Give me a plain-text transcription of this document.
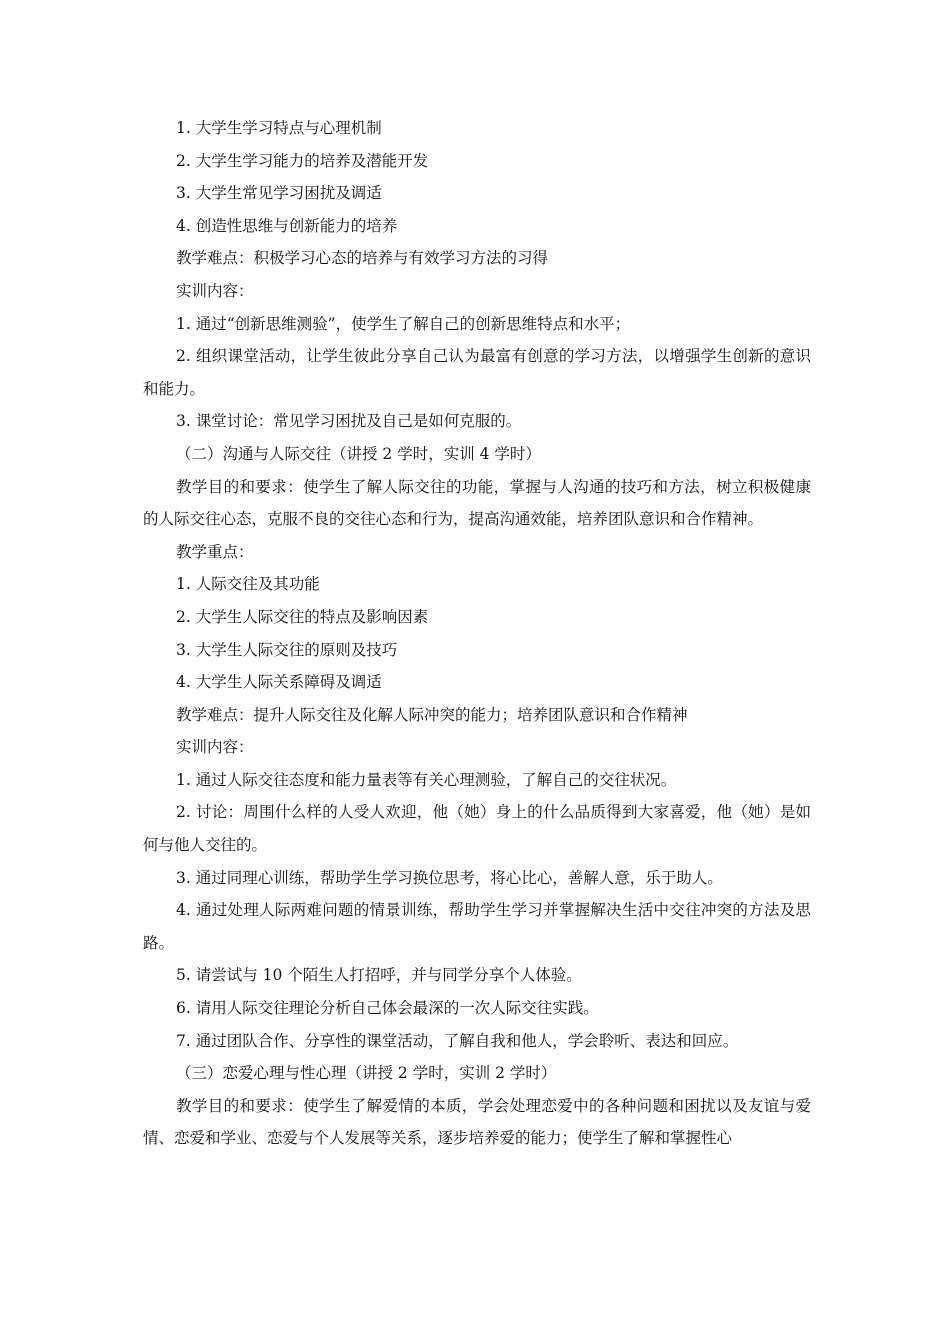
1. 大学生学习特点与心理机制
2. 大学生学习能力的培养及潜能开发
3. 大学生常见学习困扰及调适
4. 创造性思维与创新能力的培养
教学难点：积极学习心态的培养与有效学习方法的习得
实训内容：
1. 通过“创新思维测验”，使学生了解自己的创新思维特点和水平；
2. 组织课堂活动，让学生彼此分享自己认为最富有创意的学习方法，以增强学生创新的意识和能力。
3. 课堂讨论：常见学习困扰及自己是如何克服的。
（二）沟通与人际交往（讲授 2 学时，实训 4 学时）
教学目的和要求：使学生了解人际交往的功能，掌握与人沟通的技巧和方法，树立积极健康的人际交往心态，克服不良的交往心态和行为，提高沟通效能，培养团队意识和合作精神。
教学重点：
1. 人际交往及其功能
2. 大学生人际交往的特点及影响因素
3. 大学生人际交往的原则及技巧
4. 大学生人际关系障碍及调适
教学难点：提升人际交往及化解人际冲突的能力；培养团队意识和合作精神
实训内容：
1. 通过人际交往态度和能力量表等有关心理测验，了解自己的交往状况。
2. 讨论：周围什么样的人受人欢迎，他（她）身上的什么品质得到大家喜爱，他（她）是如何与他人交往的。
3. 通过同理心训练，帮助学生学习换位思考，将心比心，善解人意，乐于助人。
4. 通过处理人际两难问题的情景训练，帮助学生学习并掌握解决生活中交往冲突的方法及思路。
5. 请尝试与 10 个陌生人打招呼，并与同学分享个人体验。
6. 请用人际交往理论分析自己体会最深的一次人际交往实践。
7. 通过团队合作、分享性的课堂活动，了解自我和他人，学会聆听、表达和回应。
（三）恋爱心理与性心理（讲授 2 学时，实训 2 学时）
教学目的和要求：使学生了解爱情的本质，学会处理恋爱中的各种问题和困扰以及友谊与爱情、恋爱和学业、恋爱与个人发展等关系，逐步培养爱的能力；使学生了解和掌握性心
